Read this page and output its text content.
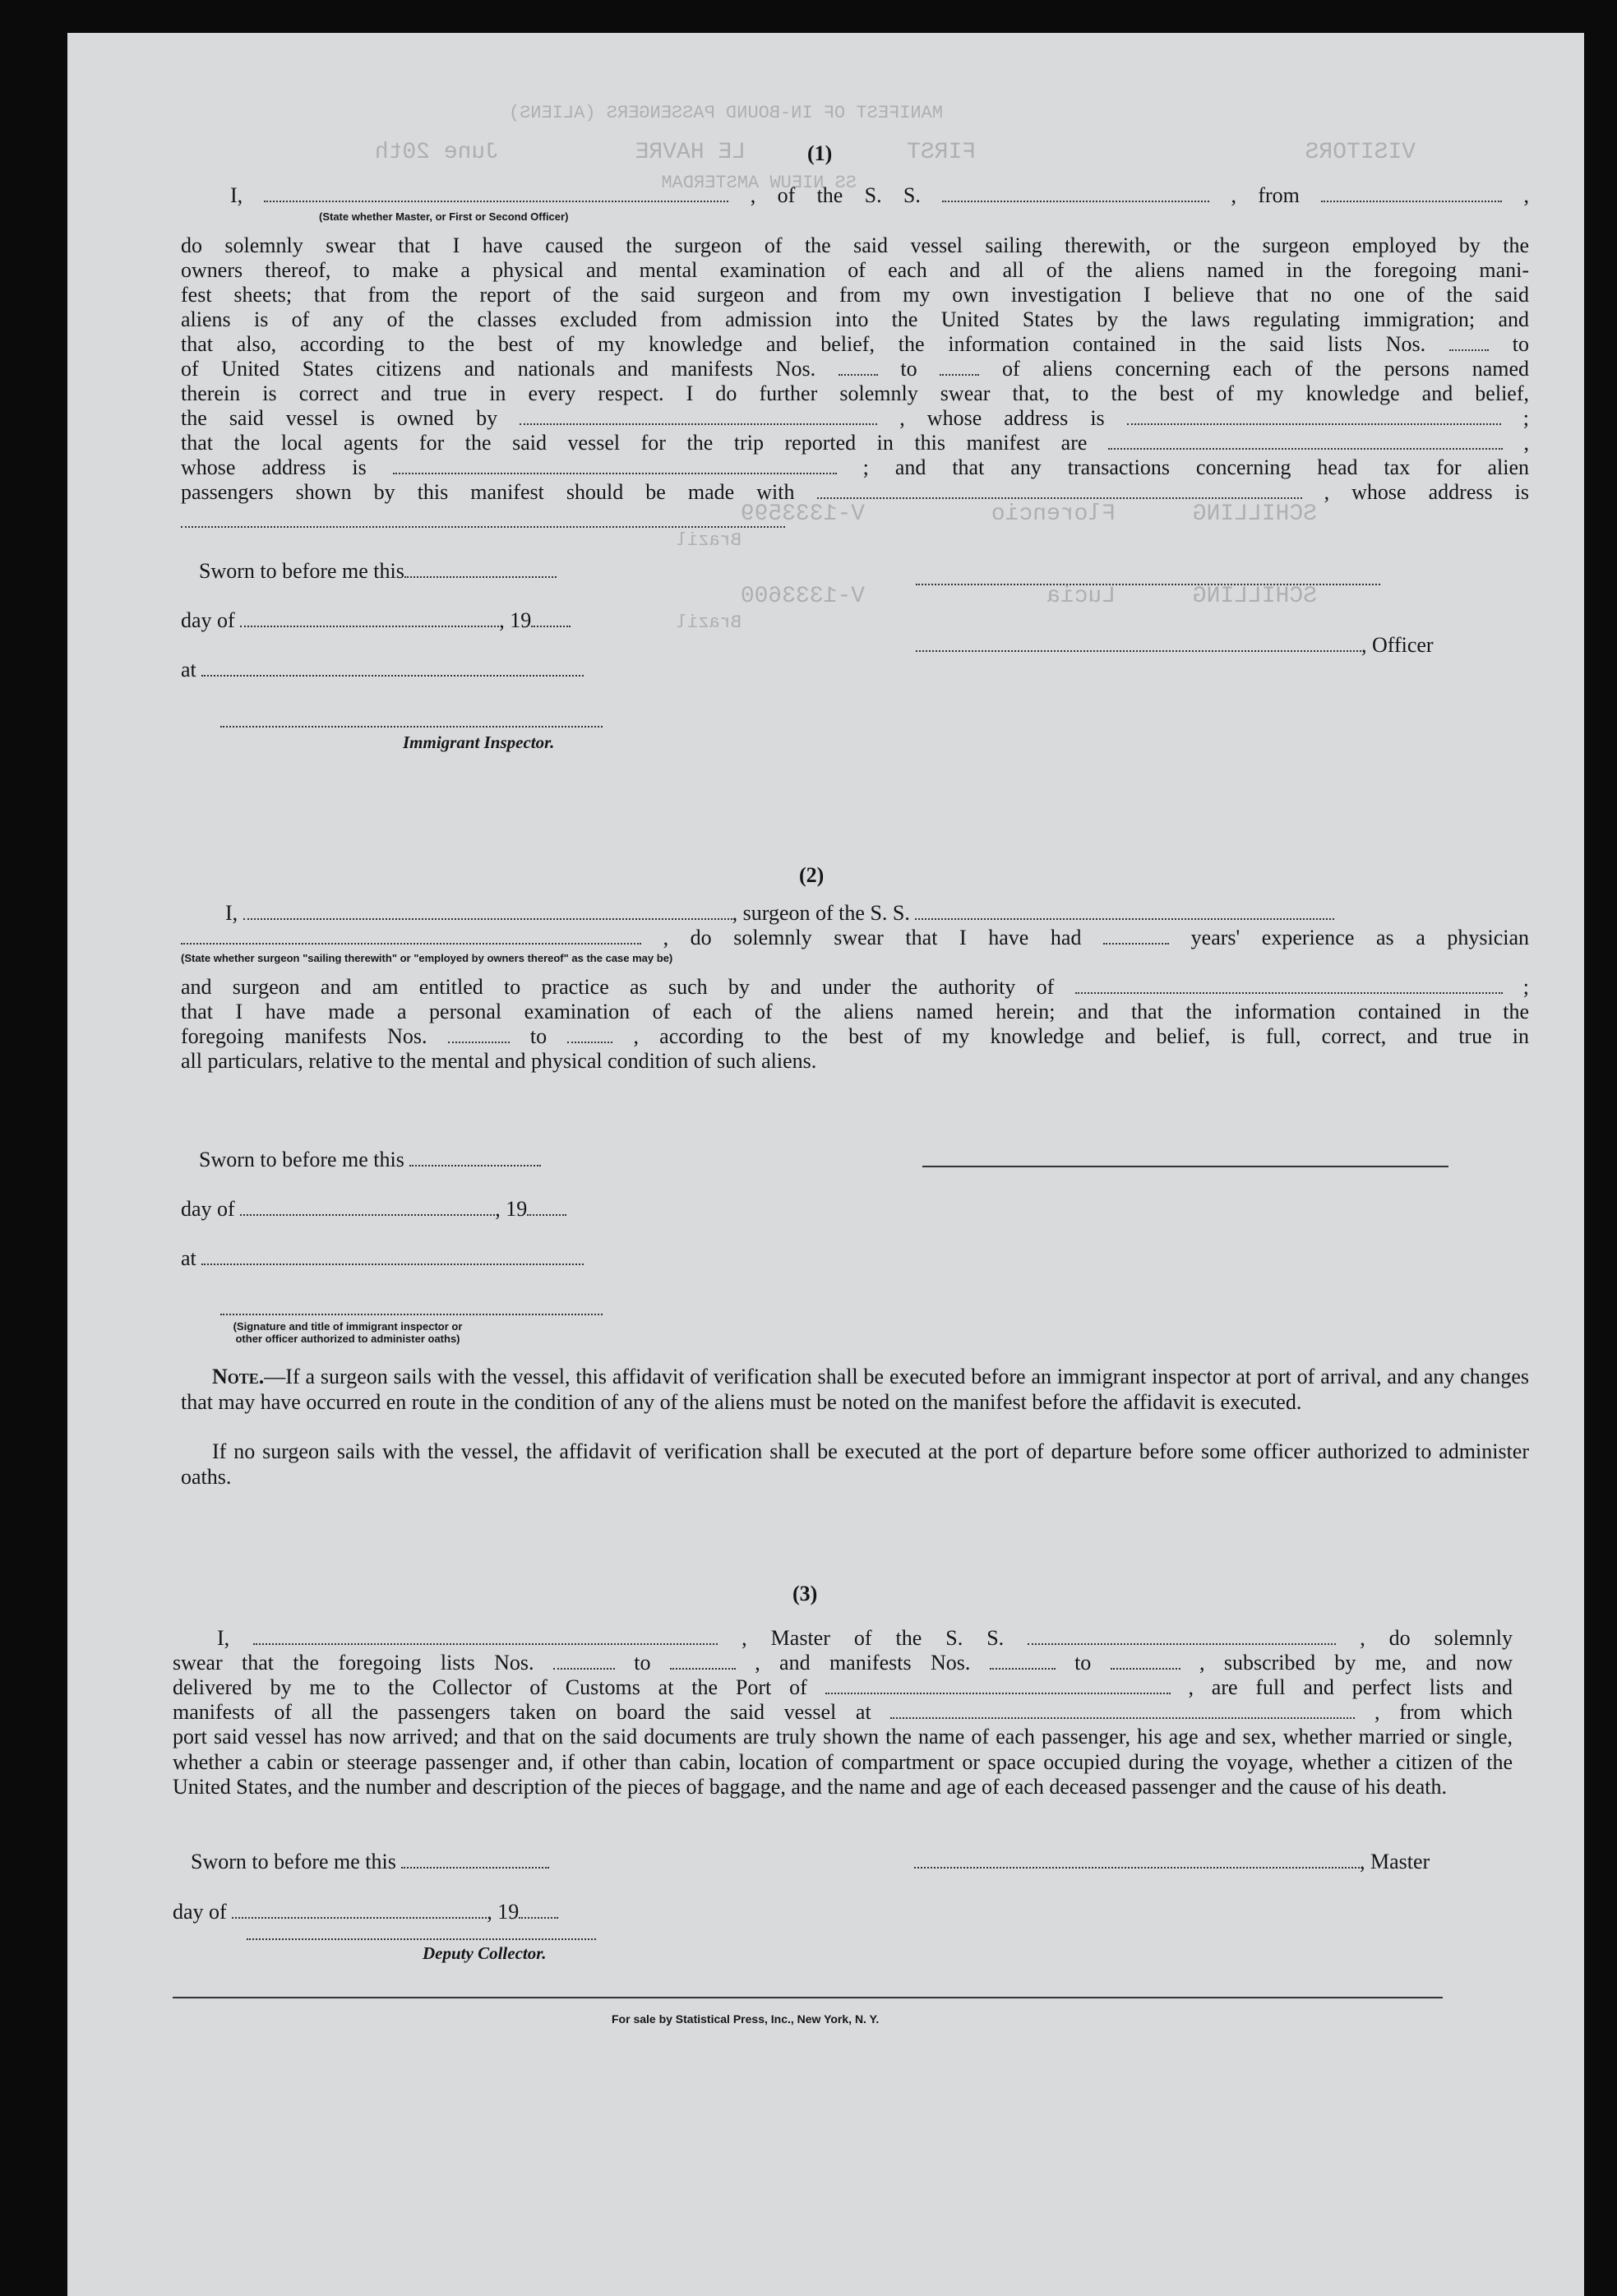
VISITORS
FIRST
LE HAVRE
June 20th
MANIFEST OF IN-BOUND PASSENGERS (ALIENS)
SS NIEUW AMSTERDAM
SCHILLING
Florencio
V-1333599
Brazil
SCHILLING
Lucia
V-1333600
Brazil
(1)
I,	, of the S. S.	, from	,
(State whether Master, or First or Second Officer)
do solemnly swear that I have caused the surgeon of the said vessel sailing therewith, or the surgeon employed by the
owners thereof, to make a physical and mental examination of each and all of the aliens named in the foregoing mani-
fest sheets; that from the report of the said surgeon and from my own investigation I believe that no one of the said
aliens is of any of the classes excluded from admission into the United States by the laws regulating immigration; and
that also, according to the best of my knowledge and belief, the information contained in the said lists Nos.	to
of United States citizens and nationals and manifests Nos.	to	of aliens concerning each of the persons named
therein is correct and true in every respect. I do further solemnly swear that, to the best of my knowledge and belief,
the said vessel is owned by	, whose address is	;
that the local agents for the said vessel for the trip reported in this manifest are	,
whose address is	; and that any transactions concerning head tax for alien
passengers shown by this manifest should be made with	, whose address is
Sworn to before me this
day of	, 19
at
Immigrant Inspector.
, Officer
(2)
I,	, surgeon of the S. S.
, do solemnly swear that I have had	years' experience as a physician
(State whether surgeon "sailing therewith" or "employed by owners thereof" as the case may be)
and surgeon and am entitled to practice as such by and under the authority of	;
that I have made a personal examination of each of the aliens named herein; and that the information contained in the
foregoing manifests Nos.	to	, according to the best of my knowledge and belief, is full, correct, and true in
all particulars, relative to the mental and physical condition of such aliens.
Sworn to before me this
day of	, 19
at
(Signature and title of immigrant inspector or other officer authorized to administer oaths)
Note.—If a surgeon sails with the vessel, this affidavit of verification shall be executed before an immigrant inspector at port of arrival, and any changes that may have occurred en route in the condition of any of the aliens must be noted on the manifest before the affidavit is executed.
If no surgeon sails with the vessel, the affidavit of verification shall be executed at the port of departure before some officer authorized to administer oaths.
(3)
I,	, Master of the S. S.	, do solemnly
swear that the foregoing lists Nos.	to	, and manifests Nos.	to	, subscribed by me, and now
delivered by me to the Collector of Customs at the Port of	, are full and perfect lists and
manifests of all the passengers taken on board the said vessel at	, from which
port said vessel has now arrived; and that on the said documents are truly shown the name of each passenger, his age and sex, whether married or single, whether a cabin or steerage passenger and, if other than cabin, location of compartment or space occupied during the voyage, whether a citizen of the United States, and the number and description of the pieces of baggage, and the name and age of each deceased passenger and the cause of his death.
Sworn to before me this	, Master
day of	, 19
Deputy Collector.
For sale by Statistical Press, Inc., New York, N. Y.
